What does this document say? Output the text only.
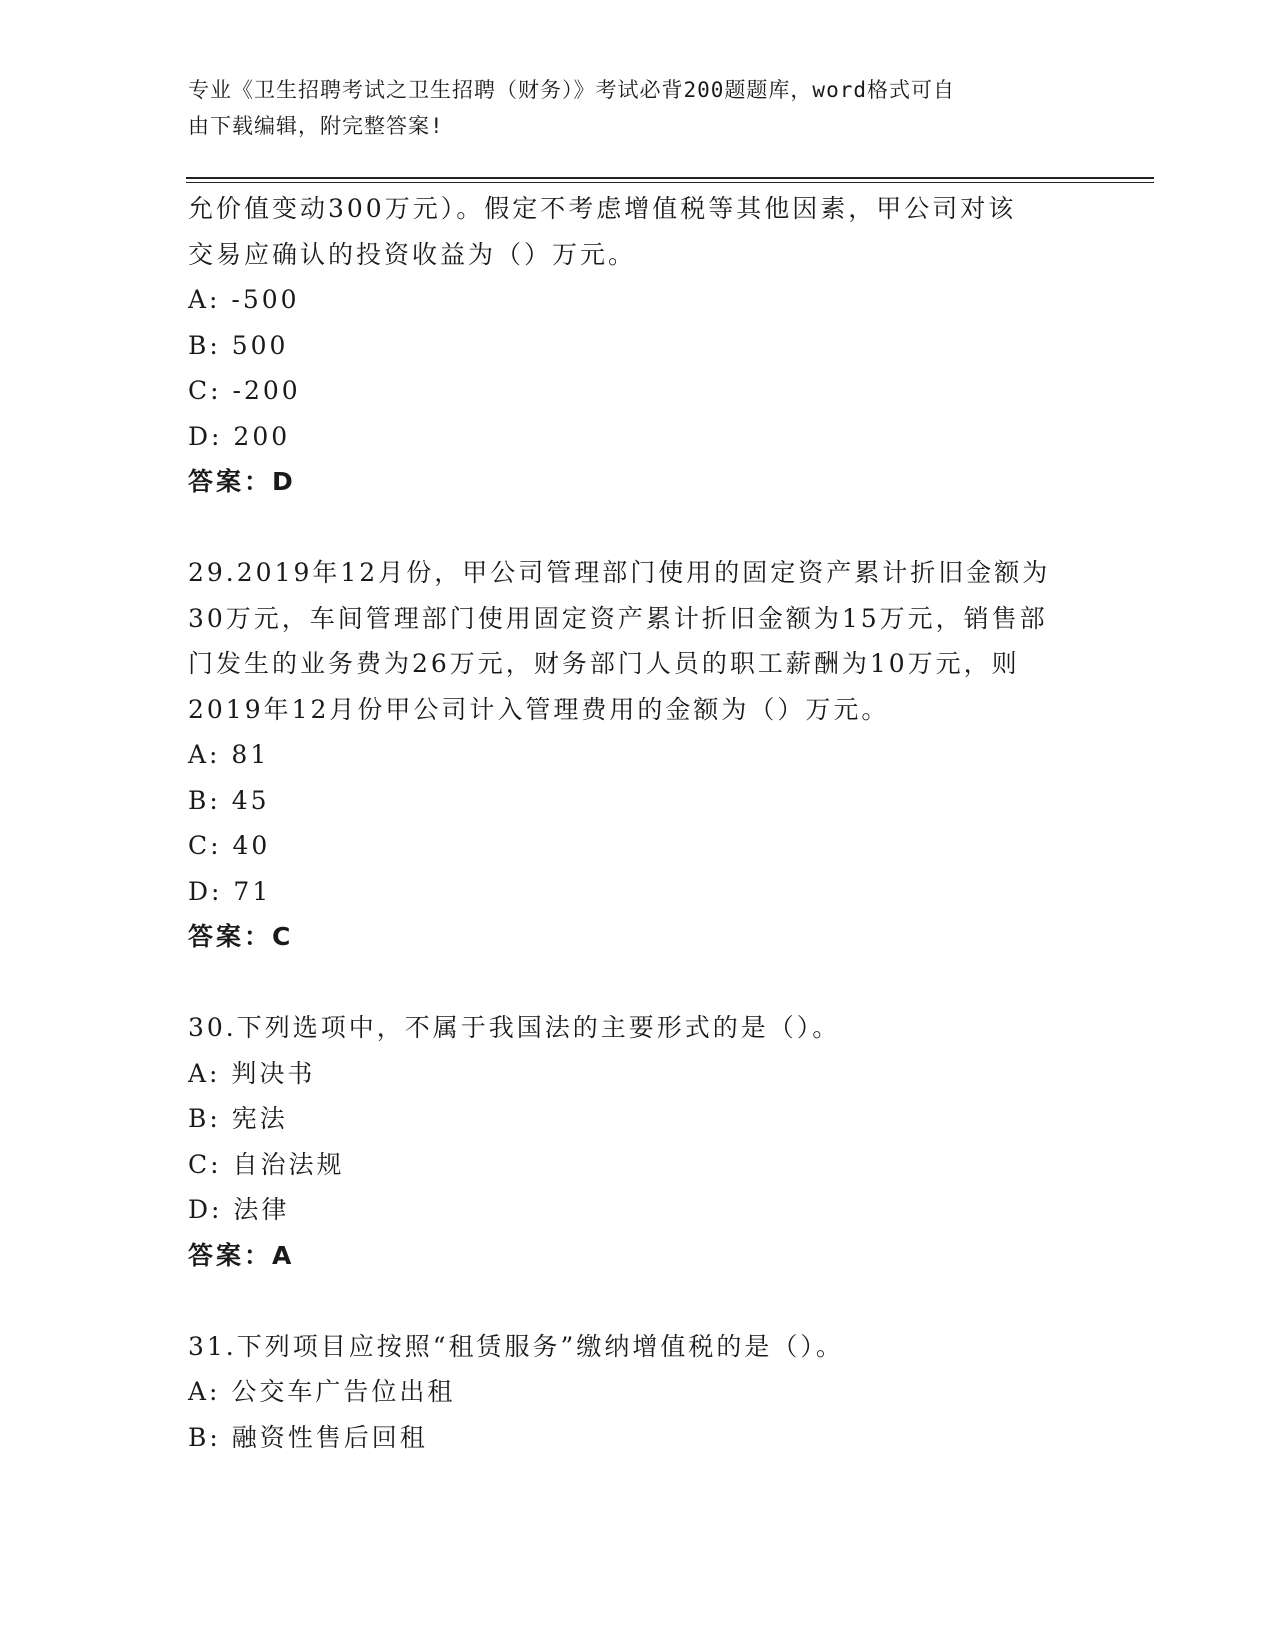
专业《卫生招聘考试之卫生招聘（财务）》考试必背200题题库，word格式可自
由下载编辑，附完整答案!
允价值变动300万元）。假定不考虑增值税等其他因素，甲公司对该
交易应确认的投资收益为（）万元。
A: -500
B: 500
C: -200
D: 200
答案：D
29.2019年12月份，甲公司管理部门使用的固定资产累计折旧金额为
30万元，车间管理部门使用固定资产累计折旧金额为15万元，销售部
门发生的业务费为26万元，财务部门人员的职工薪酬为10万元，则
2019年12月份甲公司计入管理费用的金额为（）万元。
A: 81
B: 45
C: 40
D: 71
答案：C
30.下列选项中，不属于我国法的主要形式的是（）。
A: 判决书
B: 宪法
C: 自治法规
D: 法律
答案：A
31.下列项目应按照“租赁服务”缴纳增值税的是（）。
A: 公交车广告位出租
B: 融资性售后回租
